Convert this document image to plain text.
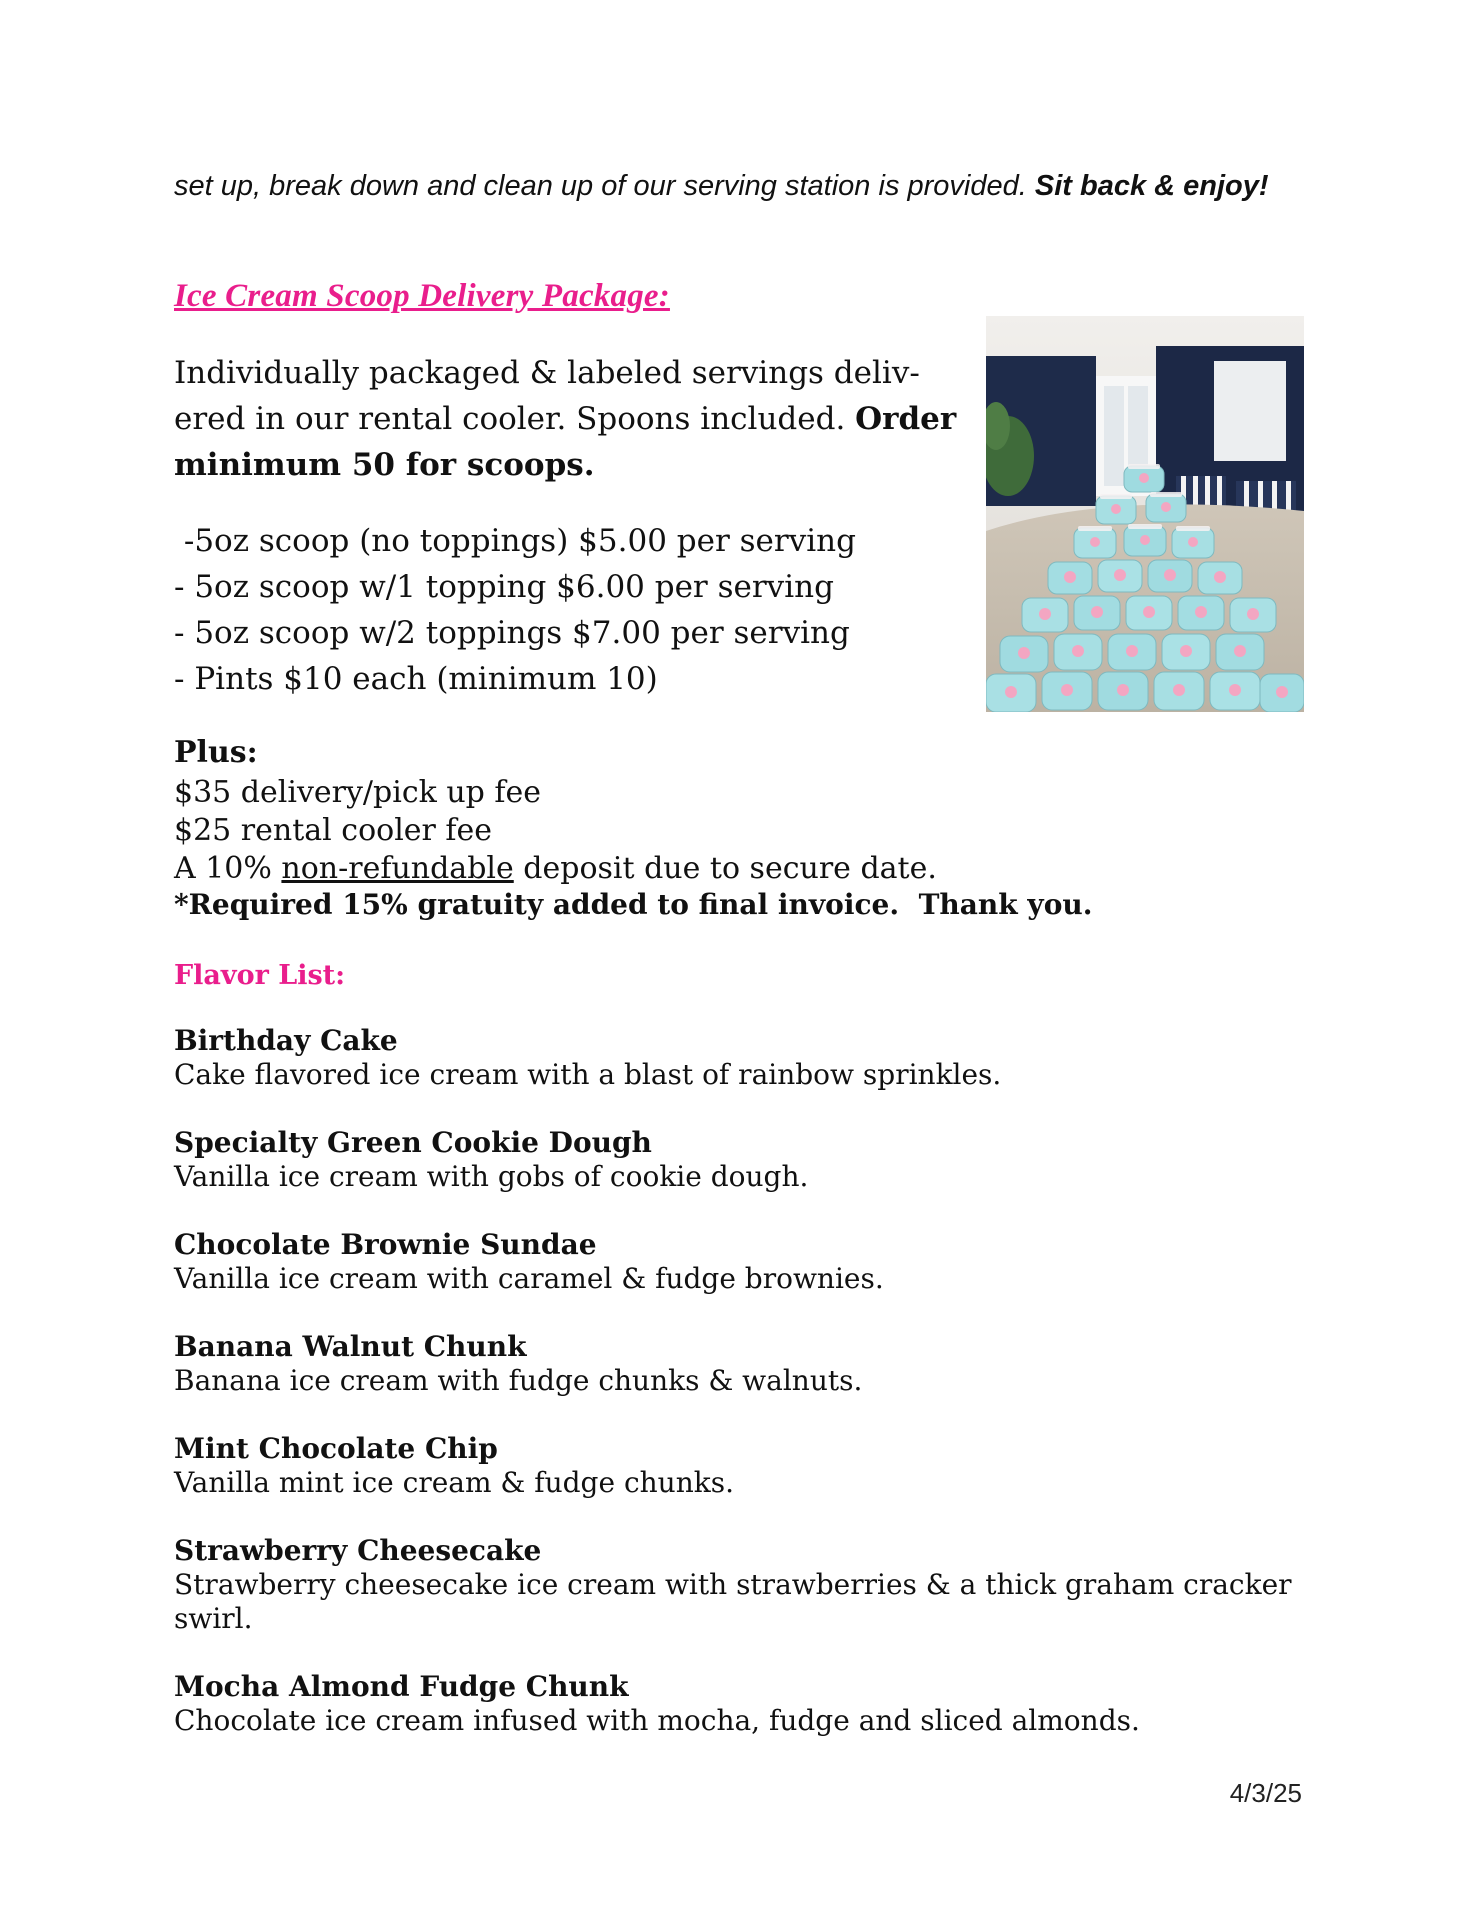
set up, break down and clean up of our serving station is provided. Sit back & enjoy!

Ice Cream Scoop Delivery Package:

Individually packaged & labeled servings delivered in our rental cooler. Spoons included. Order minimum 50 for scoops.

-5oz scoop (no toppings) $5.00 per serving
- 5oz scoop w/1 topping $6.00 per serving
- 5oz scoop w/2 toppings $7.00 per serving
- Pints $10 each (minimum 10)
Plus:
$35 delivery/pick up fee
$25 rental cooler fee
A 10% non-refundable deposit due to secure date.
*Required 15% gratuity added to final invoice.  Thank you.
Flavor List:
Birthday Cake
Cake flavored ice cream with a blast of rainbow sprinkles.
Specialty Green Cookie Dough
Vanilla ice cream with gobs of cookie dough.
Chocolate Brownie Sundae
Vanilla ice cream with caramel & fudge brownies.
Banana Walnut Chunk
Banana ice cream with fudge chunks & walnuts.
Mint Chocolate Chip
Vanilla mint ice cream & fudge chunks.
Strawberry Cheesecake
Strawberry cheesecake ice cream with strawberries & a thick graham cracker swirl.
Mocha Almond Fudge Chunk
Chocolate ice cream infused with mocha, fudge and sliced almonds.
4/3/25
